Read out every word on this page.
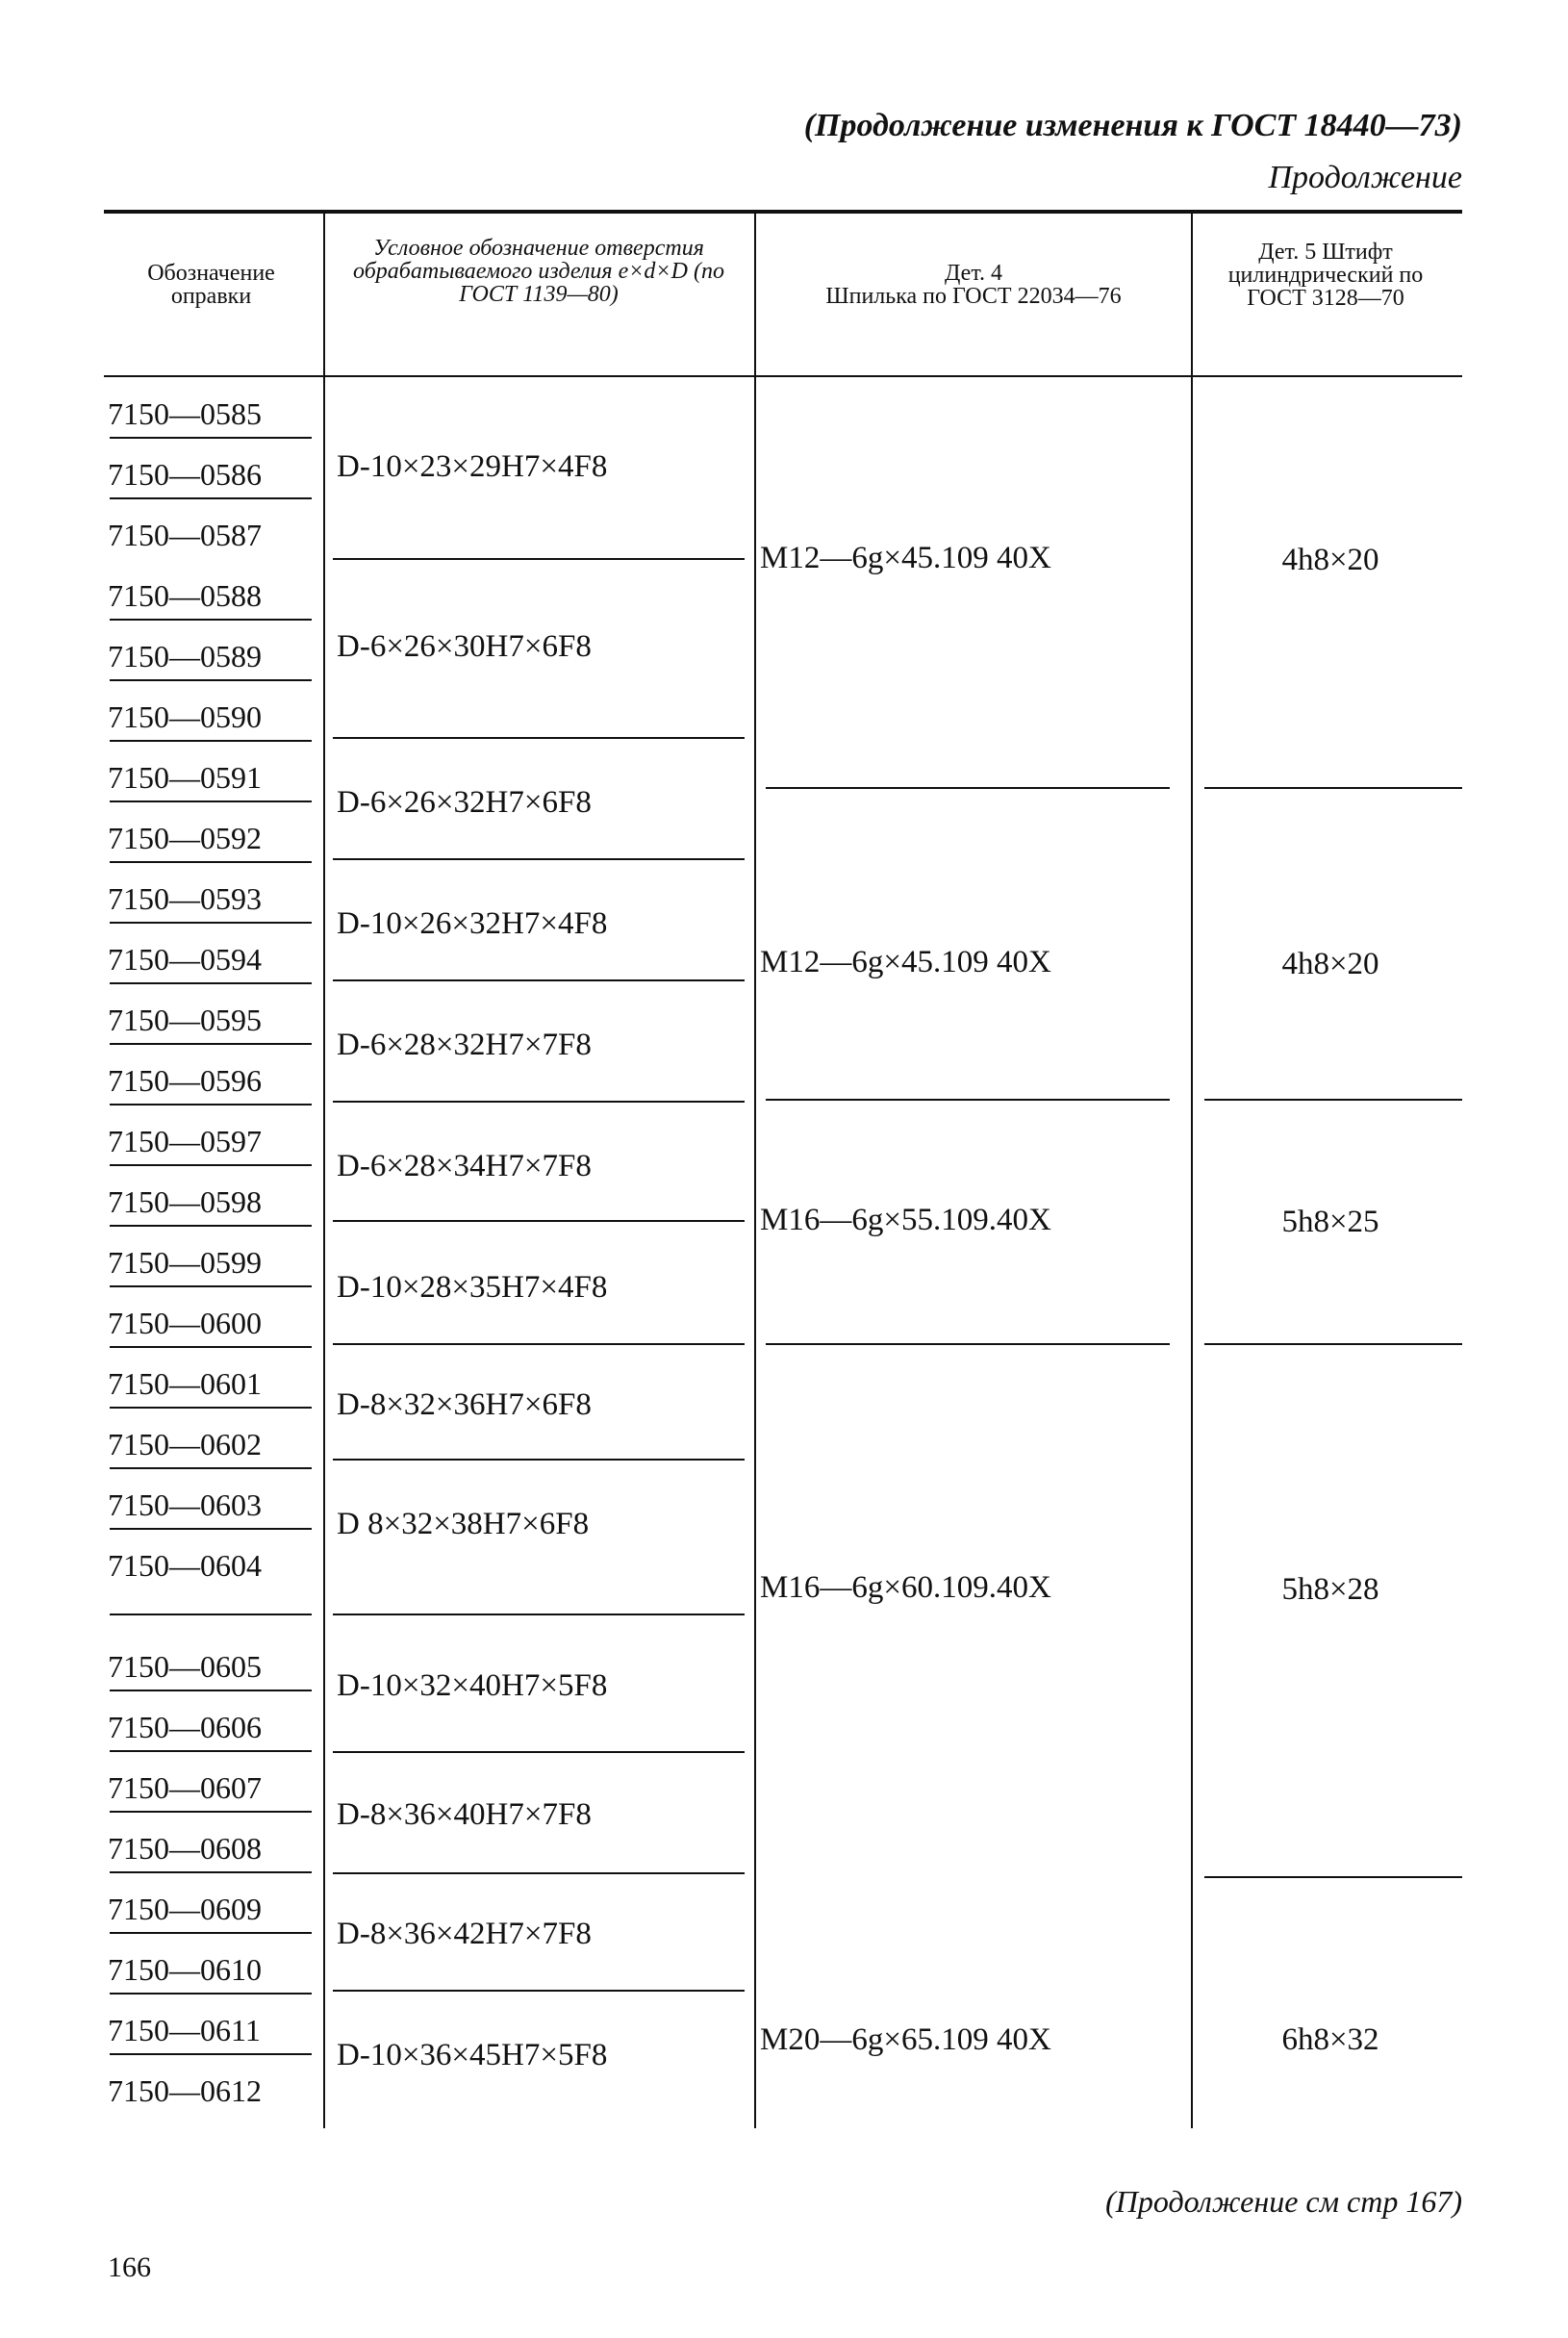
(Продолжение изменения к ГОСТ 18440—73)
Продолжение
Обозначение оправки
Условное обозначение отверстия обрабатываемого изделия e×d×D (по ГОСТ 1139—80)
Дет. 4
Шпилька по ГОСТ 22034—76
Дет. 5 Штифт цилиндрический по ГОСТ 3128—70
7150—0585
7150—0586
7150—0587
7150—0588
7150—0589
7150—0590
7150—0591
7150—0592
7150—0593
7150—0594
7150—0595
7150—0596
7150—0597
7150—0598
7150—0599
7150—0600
7150—0601
7150—0602
7150—0603
7150—0604
7150—0605
7150—0606
7150—0607
7150—0608
7150—0609
7150—0610
7150—0611
7150—0612
D-10×23×29H7×4F8
D-6×26×30H7×6F8
D-6×26×32H7×6F8
D-10×26×32H7×4F8
D-6×28×32H7×7F8
D-6×28×34H7×7F8
D-10×28×35H7×4F8
D-8×32×36H7×6F8
D 8×32×38H7×6F8
D-10×32×40H7×5F8
D-8×36×40H7×7F8
D-8×36×42H7×7F8
D-10×36×45H7×5F8
M12—6g×45.109 40X
M12—6g×45.109 40X
M16—6g×55.109.40X
M16—6g×60.109.40X
M20—6g×65.109 40X
4h8×20
4h8×20
5h8×25
5h8×28
6h8×32
(Продолжение см стр 167)
166
